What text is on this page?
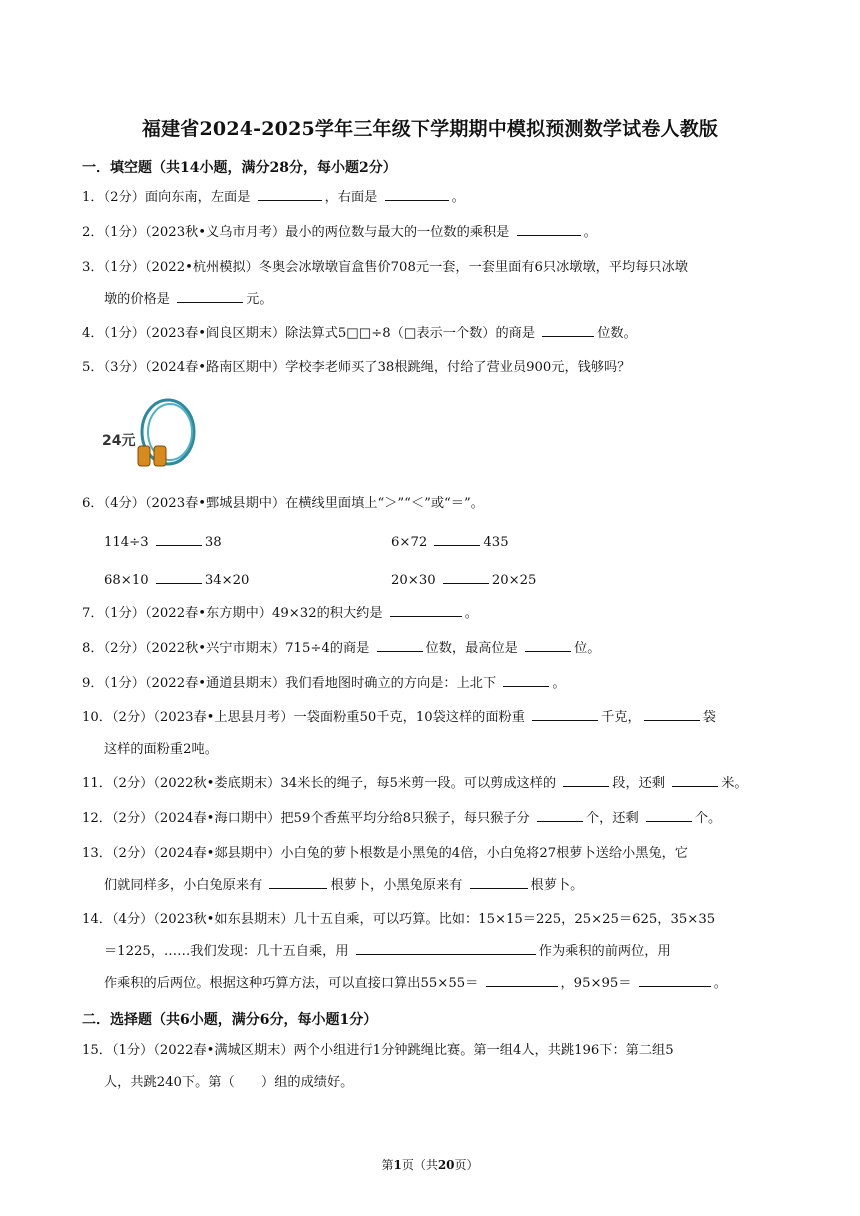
福建省2024-2025学年三年级下学期期中模拟预测数学试卷人教版
一．填空题（共14小题，满分28分，每小题2分）
1．（2分）面向东南，左面是	，右面是	。
2．（1分）（2023秋•义乌市月考）最小的两位数与最大的一位数的乘积是	。
3．（1分）（2022•杭州模拟）冬奥会冰墩墩盲盒售价708元一套，一套里面有6只冰墩墩，平均每只冰墩
墩的价格是	元。
4．（1分）（2023春•阎良区期末）除法算式5□□÷8（□表示一个数）的商是	位数。
5．（3分）（2024春•路南区期中）学校李老师买了38根跳绳，付给了营业员900元，钱够吗？
24元
6．（4分）（2023春•鄄城县期中）在横线里面填上“＞”“＜”或“＝”。
114÷3	38	6×72	435
68×10	34×20	20×30	20×25
7．（1分）（2022春•东方期中）49×32的积大约是	。
8．（2分）（2022秋•兴宁市期末）715÷4的商是	位数，最高位是	位。
9．（1分）（2022春•通道县期末）我们看地图时确立的方向是：上北下	。
10．（2分）（2023春•上思县月考）一袋面粉重50千克，10袋这样的面粉重	千克，	袋
这样的面粉重2吨。
11．（2分）（2022秋•娄底期末）34米长的绳子，每5米剪一段。可以剪成这样的	段，还剩	米。
12．（2分）（2024春•海口期中）把59个香蕉平均分给8只猴子，每只猴子分	个，还剩	个。
13．（2分）（2024春•郯县期中）小白兔的萝卜根数是小黑兔的4倍，小白兔将27根萝卜送给小黑兔，它
们就同样多，小白兔原来有	根萝卜，小黑兔原来有	根萝卜。
14．（4分）（2023秋•如东县期末）几十五自乘，可以巧算。比如：15×15＝225，25×25＝625，35×35
＝1225，……我们发现：几十五自乘，用	作为乘积的前两位，用
作乘积的后两位。根据这种巧算方法，可以直接口算出55×55＝	，95×95＝	。
二．选择题（共6小题，满分6分，每小题1分）
15．（1分）（2022春•满城区期末）两个小组进行1分钟跳绳比赛。第一组4人，共跳196下：第二组5
人，共跳240下。第（　　）组的成绩好。
第1页（共20页）
